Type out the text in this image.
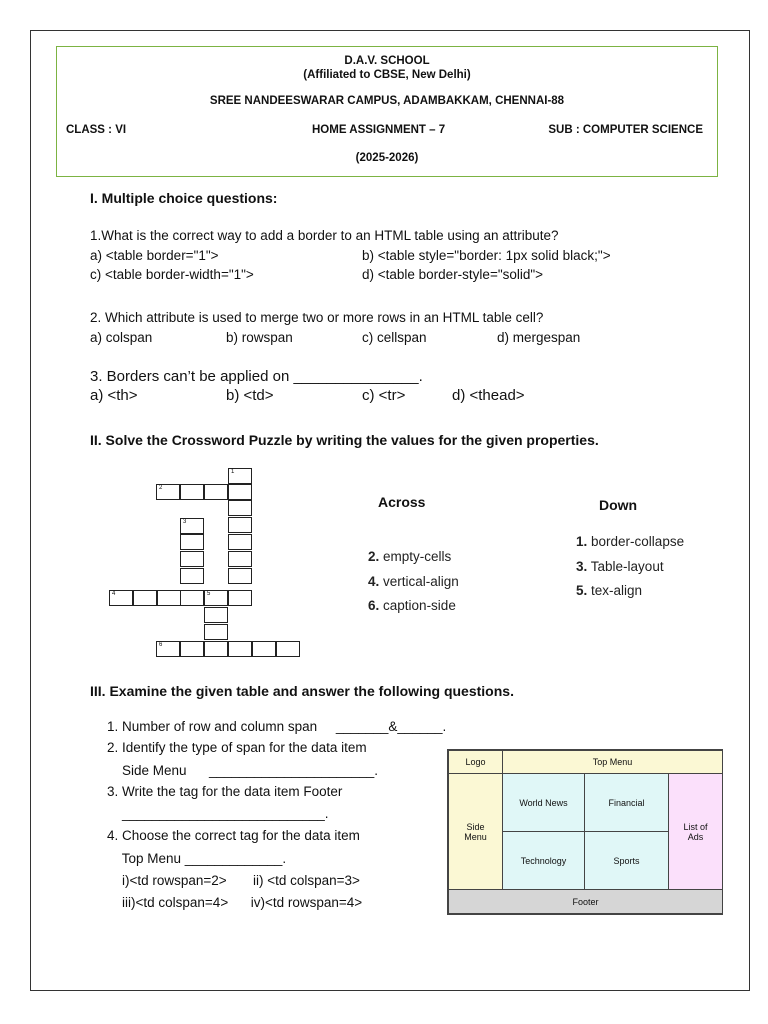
D.A.V. SCHOOL
(Affiliated to CBSE, New Delhi)
SREE NANDEESWARAR CAMPUS, ADAMBAKKAM, CHENNAI-88
CLASS : VI	HOME ASSIGNMENT – 7	SUB : COMPUTER SCIENCE
(2025-2026)
I. Multiple choice questions:
1.What is the correct way to add a border to an HTML table using an attribute?
a) <table border="1">	b) <table style="border: 1px solid black;">
c) <table border-width="1">	d) <table border-style="solid">
2. Which attribute is used to merge two or more rows in an HTML table cell?
a) colspan	b) rowspan	c) cellspan	d) mergespan
3. Borders can’t be applied on _______________.
a) <th>	b) <td>	c) <tr>	d) <thead>
II. Solve the Crossword Puzzle by writing the values for the given properties.
1
2
3
4	5
6
Across	Down
2. empty-cells
4. vertical-align
6. caption-side
1. border-collapse
3. Table-layout
5. tex-align
III. Examine the given table and answer the following questions.
1. Number of row and column span     _______&______.
2. Identify the type of span for the data item
Side Menu      ______________________.
3. Write the tag for the data item Footer
___________________________.
4. Choose the correct tag for the data item
Top Menu _____________.
i)<td rowspan=2>       ii) <td colspan=3>
iii)<td colspan=4>      iv)<td rowspan=4>
Logo	Top Menu
Side
Menu
World News	Financial
List of
Ads
Technology	Sports
Footer
